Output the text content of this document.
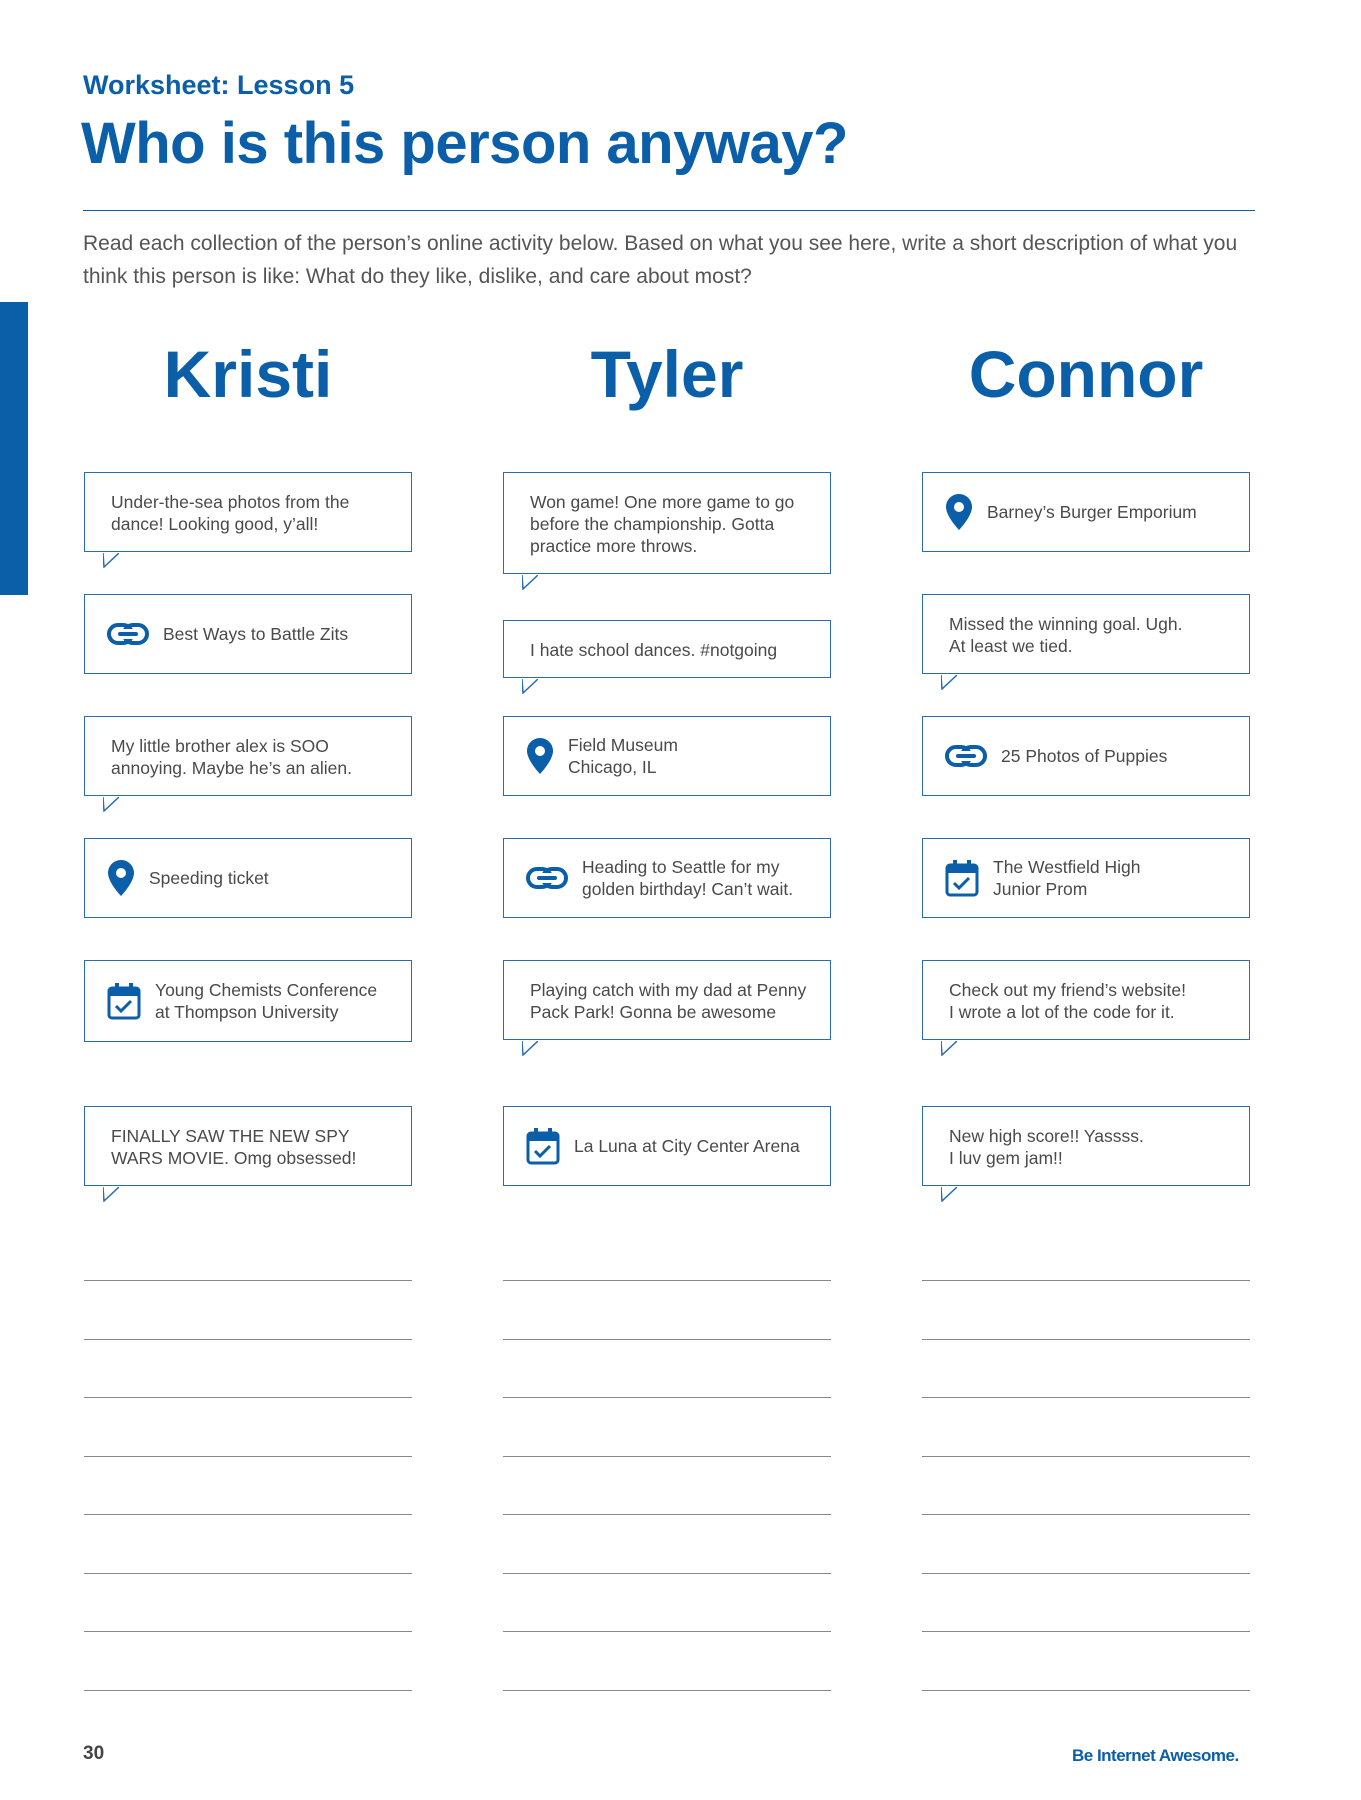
Worksheet: Lesson 5
Who is this person anyway?
Read each collection of the person’s online activity below. Based on what you see here, write a short description of what you think this person is like: What do they like, dislike, and care about most?
Kristi
Under-the-sea photos from the
dance! Looking good, y’all!
Best Ways to Battle Zits
My little brother alex is SOO
annoying. Maybe he’s an alien.
Speeding ticket
Young Chemists Conference
at Thompson University
FINALLY SAW THE NEW SPY
WARS MOVIE. Omg obsessed!
Tyler
Won game! One more game to go
before the championship. Gotta
practice more throws.
I hate school dances. #notgoing
Field Museum
Chicago, IL
Heading to Seattle for my
golden birthday! Can’t wait.
Playing catch with my dad at Penny
Pack Park! Gonna be awesome
La Luna at City Center Arena
Connor
Barney’s Burger Emporium
Missed the winning goal. Ugh.
At least we tied.
25 Photos of Puppies
The Westfield High
Junior Prom
Check out my friend’s website!
I wrote a lot of the code for it.
New high score!! Yassss.
I luv gem jam!!
30	Be Internet Awesome.
